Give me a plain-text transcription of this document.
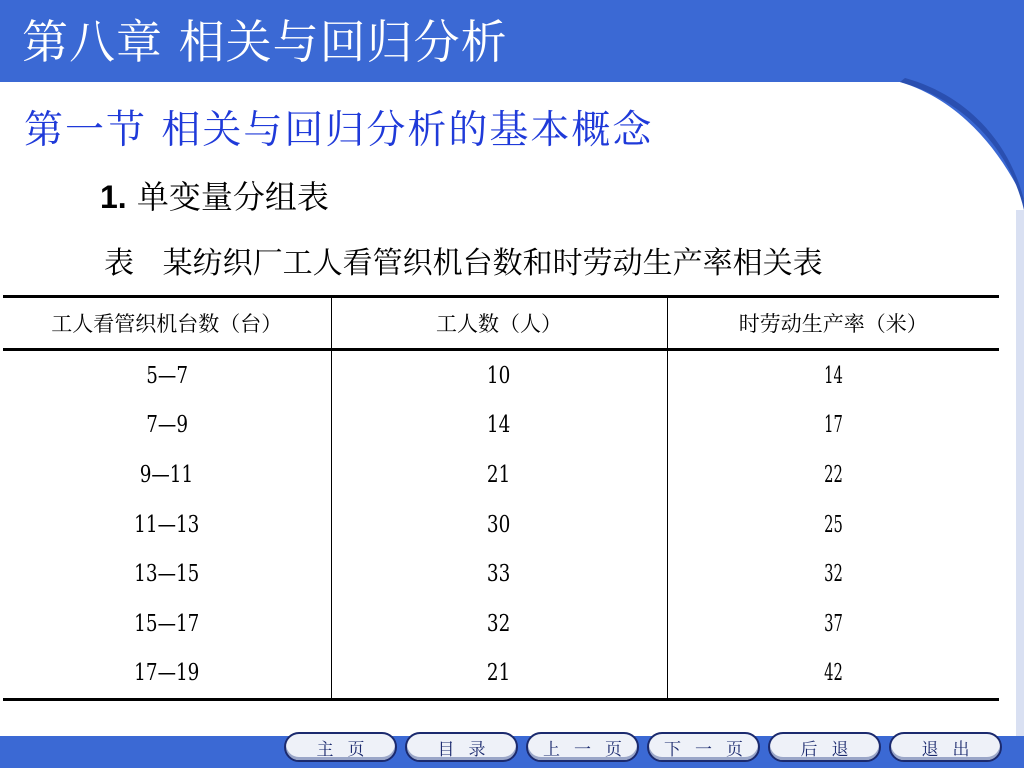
第八章 相关与回归分析
第一节 相关与回归分析的基本概念
1. 单变量分组表

表   某纺织厂工人看管织机台数和时劳动生产率相关表

工人看管织机台数（台）	工人数（人）	时劳动生产率（米）
5—7	10	14
7—9	14	17
9—11	21	22
11—13	30	25
13—15	33	32
15—17	32	37
17—19	21	42
主页	目录	上一页	下一页	后退	退出
